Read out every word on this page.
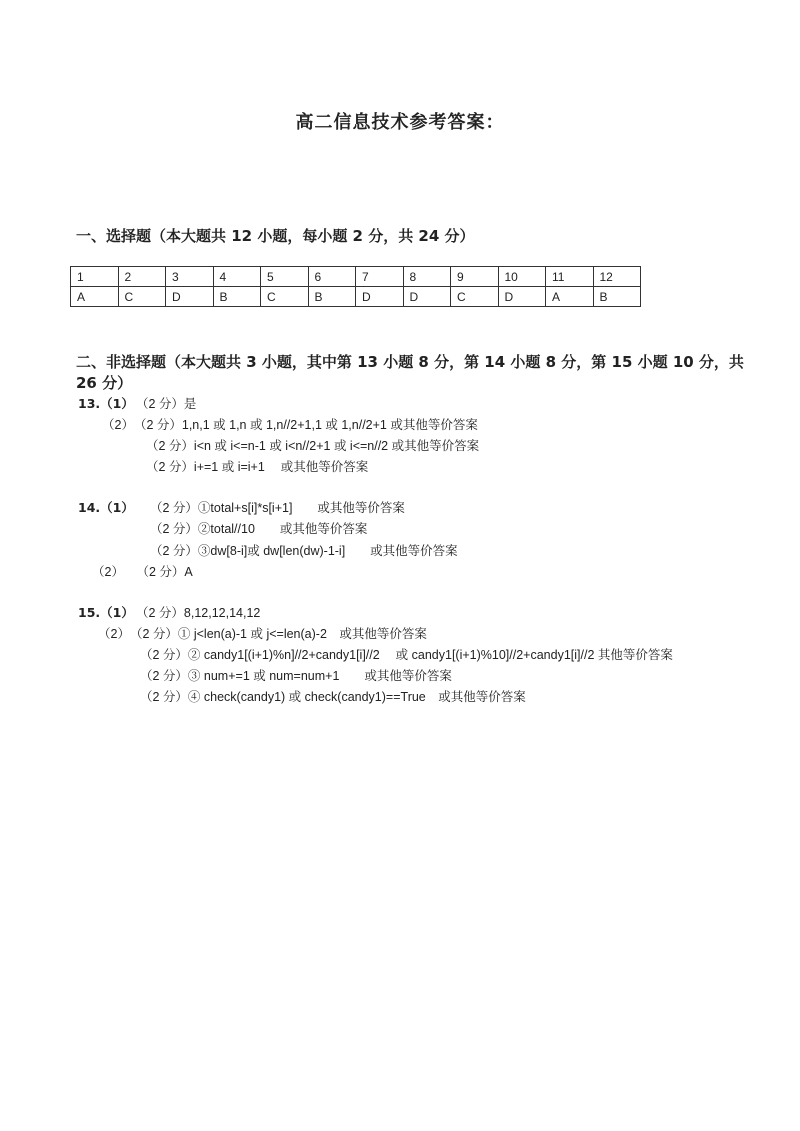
高二信息技术参考答案：
一、选择题（本大题共 12 小题，每小题 2 分，共 24 分）
1	2	3	4	5	6	7	8	9	10	11	12
A	C	D	B	C	B	D	D	C	D	A	B
二、非选择题（本大题共 3 小题，其中第 13 小题 8 分，第 14 小题 8 分，第 15 小题 10 分，共 26 分）
13.（1） （2 分）是
（2）　（2 分）1,n,1 或 1,n 或 1,n//2+1,1 或 1,n//2+1 或其他等价答案
（2 分）i<n 或 i<=n-1 或 i<n//2+1 或 i<=n//2 或其他等价答案
（2 分）i+=1 或 i=i+1　 或其他等价答案
14.（1） （2 分）①total+s[i]*s[i+1]　　或其他等价答案
（2 分）②total//10　　或其他等价答案
（2 分）③dw[8-i]或 dw[len(dw)-1-i]　　或其他等价答案
（2）　　（2 分）A
15.（1） （2 分）8,12,12,14,12
（2）　（2 分）① j<len(a)-1 或 j<=len(a)-2　或其他等价答案
（2 分）② candy1[(i+1)%n]//2+candy1[i]//2　 或 candy1[(i+1)%10]//2+candy1[i]//2 其他等价答案
（2 分）③ num+=1 或 num=num+1　　或其他等价答案
（2 分）④ check(candy1) 或 check(candy1)==True　或其他等价答案
